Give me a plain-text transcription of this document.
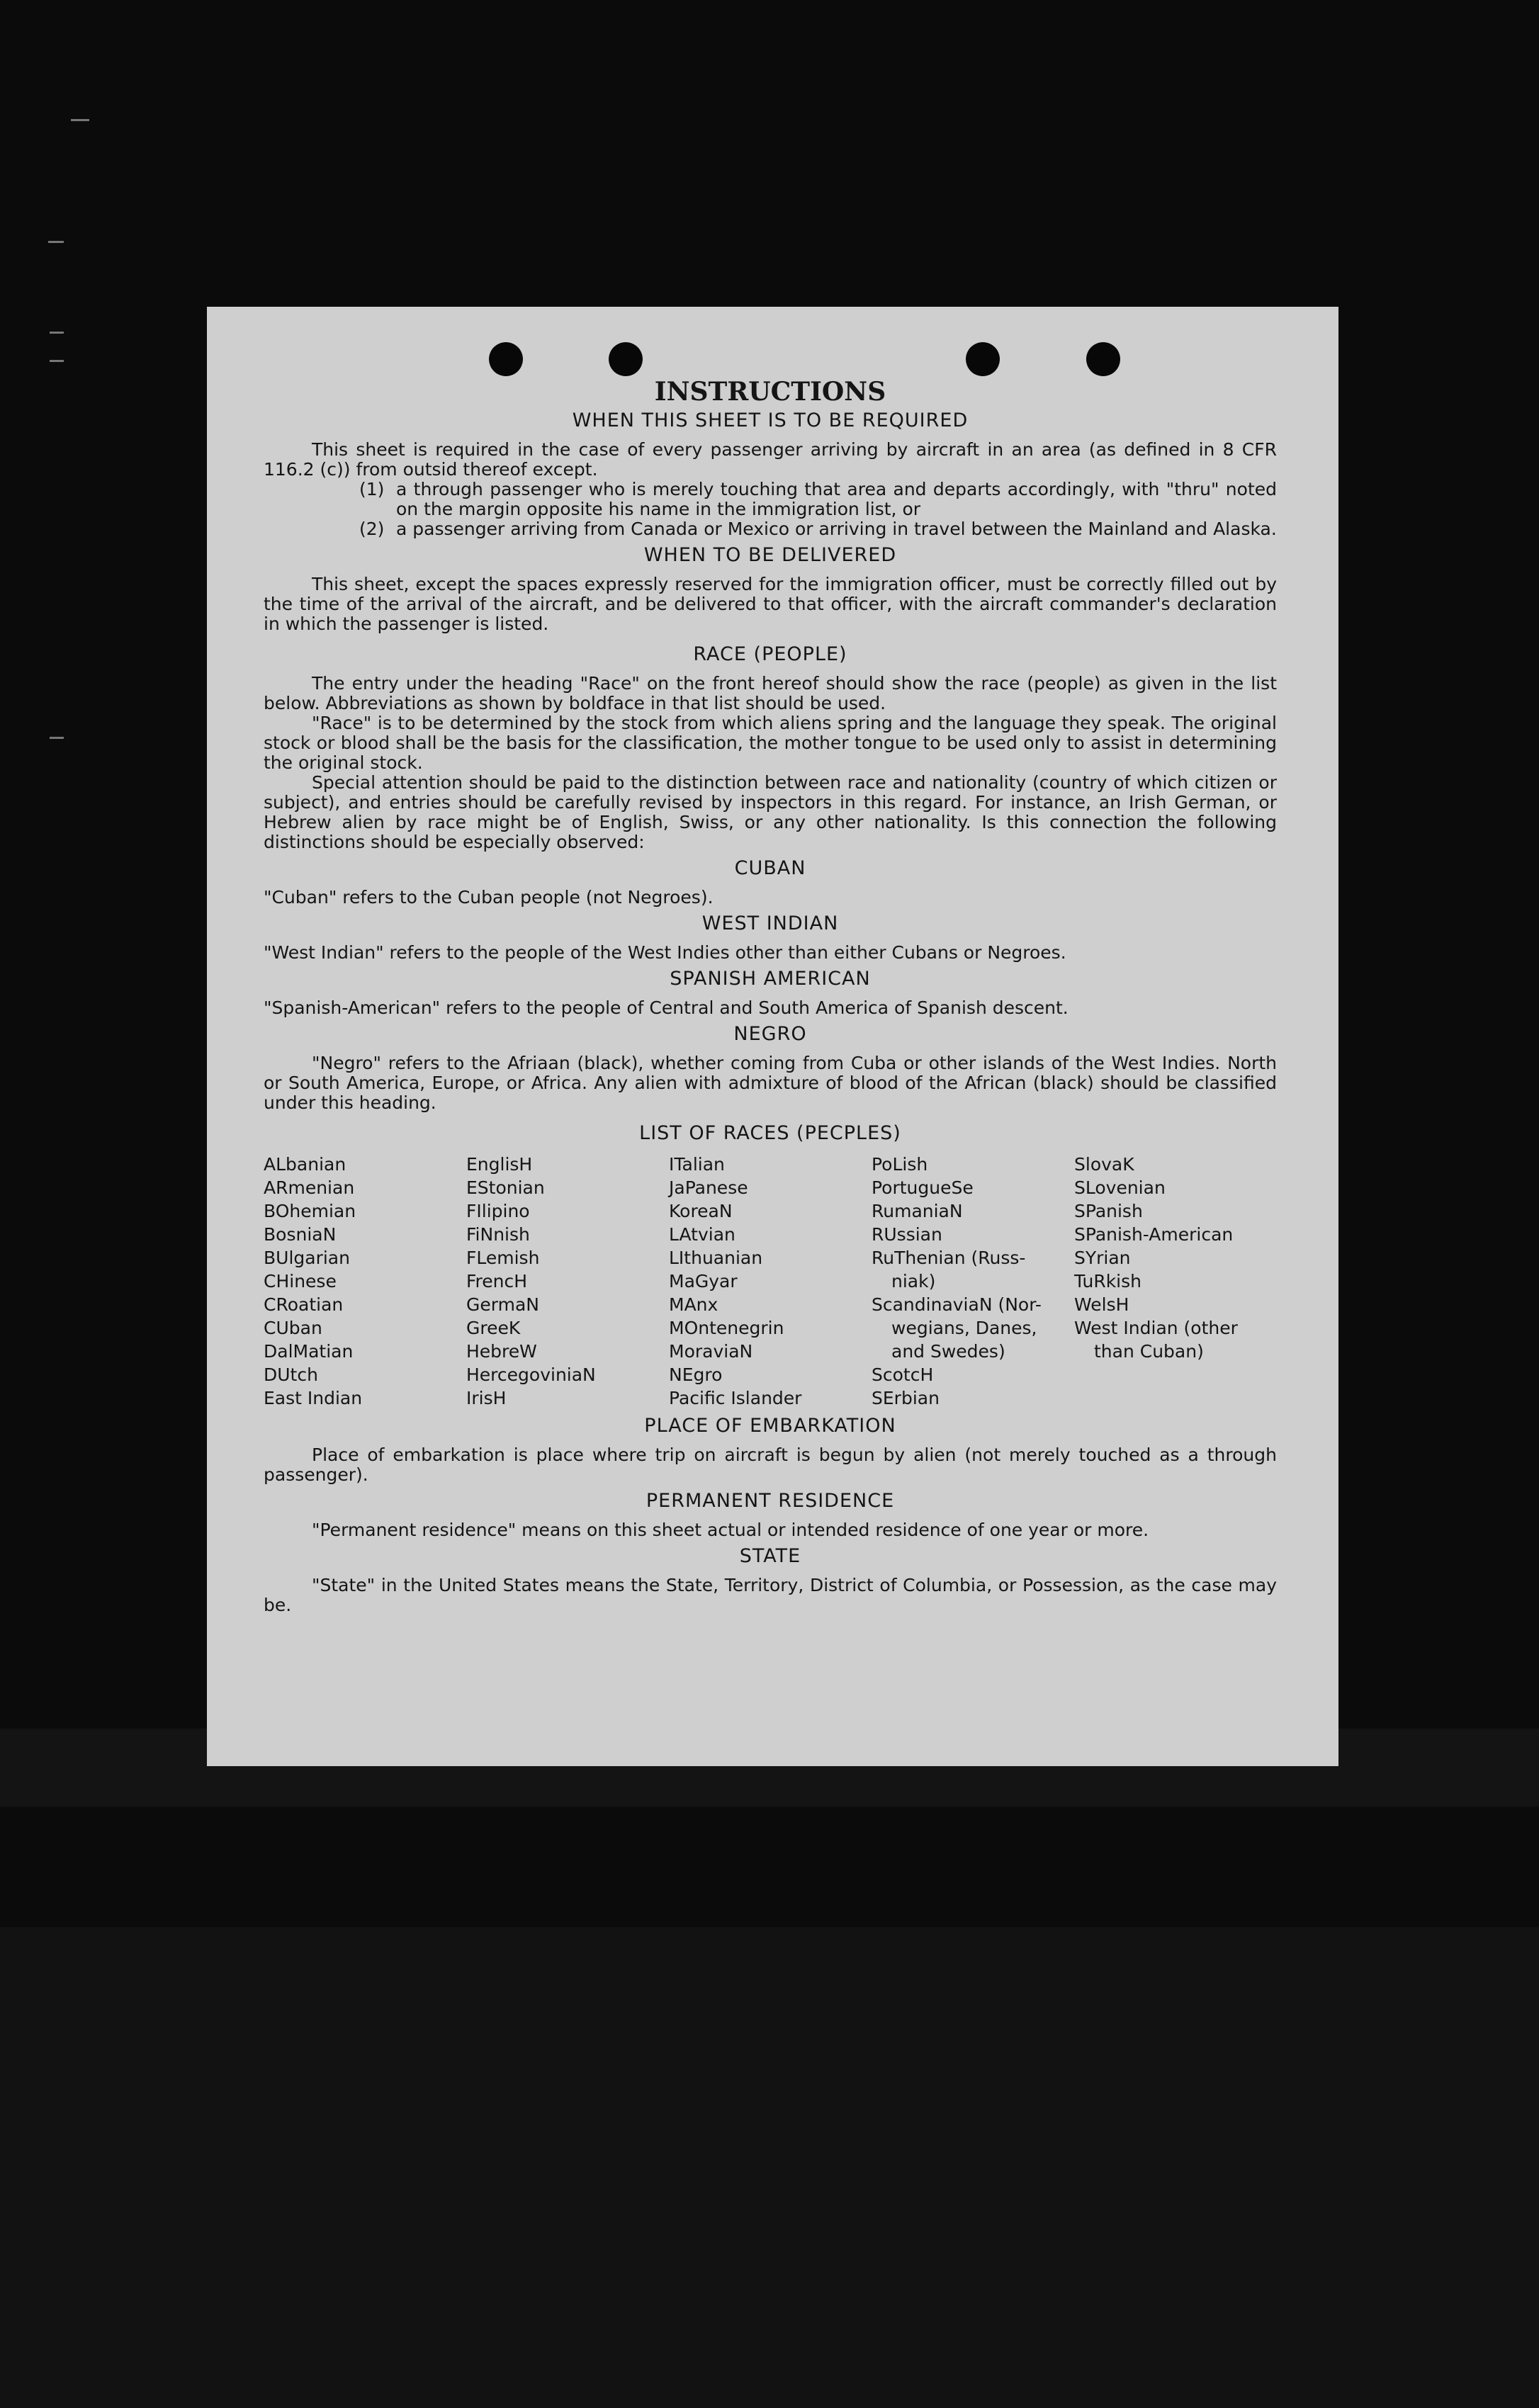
INSTRUCTIONS
WHEN THIS SHEET IS TO BE REQUIRED

This sheet is required in the case of every passenger arriving by aircraft in an area (as defined in 8 CFR 116.2 (c)) from outsid thereof except.

(1) a through passenger who is merely touching that area and departs accordingly, with "thru" noted on the margin opposite his name in the immigration list, or
(2) a passenger arriving from Canada or Mexico or arriving in travel between the Mainland and Alaska.
WHEN TO BE DELIVERED

This sheet, except the spaces expressly reserved for the immigration officer, must be correctly filled out by the time of the arrival of the aircraft, and be delivered to that officer, with the aircraft commander's declaration in which the passenger is listed.

RACE (PEOPLE)

The entry under the heading "Race" on the front hereof should show the race (people) as given in the list below. Abbreviations as shown by boldface in that list should be used.

"Race" is to be determined by the stock from which aliens spring and the language they speak. The original stock or blood shall be the basis for the classification, the mother tongue to be used only to assist in determining the original stock.

Special attention should be paid to the distinction between race and nationality (country of which citizen or subject), and entries should be carefully revised by inspectors in this regard. For instance, an Irish German, or Hebrew alien by race might be of English, Swiss, or any other nationality. Is this connection the following distinctions should be especially observed:

CUBAN

"Cuban" refers to the Cuban people (not Negroes).

WEST INDIAN

"West Indian" refers to the people of the West Indies other than either Cubans or Negroes.

SPANISH AMERICAN

"Spanish-American" refers to the people of Central and South America of Spanish descent.

NEGRO

"Negro" refers to the Afriaan (black), whether coming from Cuba or other islands of the West Indies. North or South America, Europe, or Africa. Any alien with admixture of blood of the African (black) should be classified under this heading.

LIST OF RACES (PECPLES)
ALbanian
ARmenian
BOhemian
BosniaN
BUlgarian
CHinese
CRoatian
CUban
DalMatian
DUtch
East Indian
EnglisH
EStonian
FIlipino
FiNnish
FLemish
FrencH
GermaN
GreeK
HebreW
HercegoviniaN
IrisH
ITalian
JaPanese
KoreaN
LAtvian
LIthuanian
MaGyar
MAnx
MOntenegrin
MoraviaN
NEgro
Pacific Islander
PoLish
PortugueSe
RumaniaN
RUssian
RuThenian (Russ-
niak)
ScandinaviaN (Nor-
wegians, Danes,
and Swedes)
ScotcH
SErbian
SlovaK
SLovenian
SPanish
SPanish-American
SYrian
TuRkish
WelsH
West Indian (other
than Cuban)
PLACE OF EMBARKATION

Place of embarkation is place where trip on aircraft is begun by alien (not merely touched as a through passenger).

PERMANENT RESIDENCE

"Permanent residence" means on this sheet actual or intended residence of one year or more.

STATE

"State" in the United States means the State, Territory, District of Columbia, or Possession, as the case may be.
